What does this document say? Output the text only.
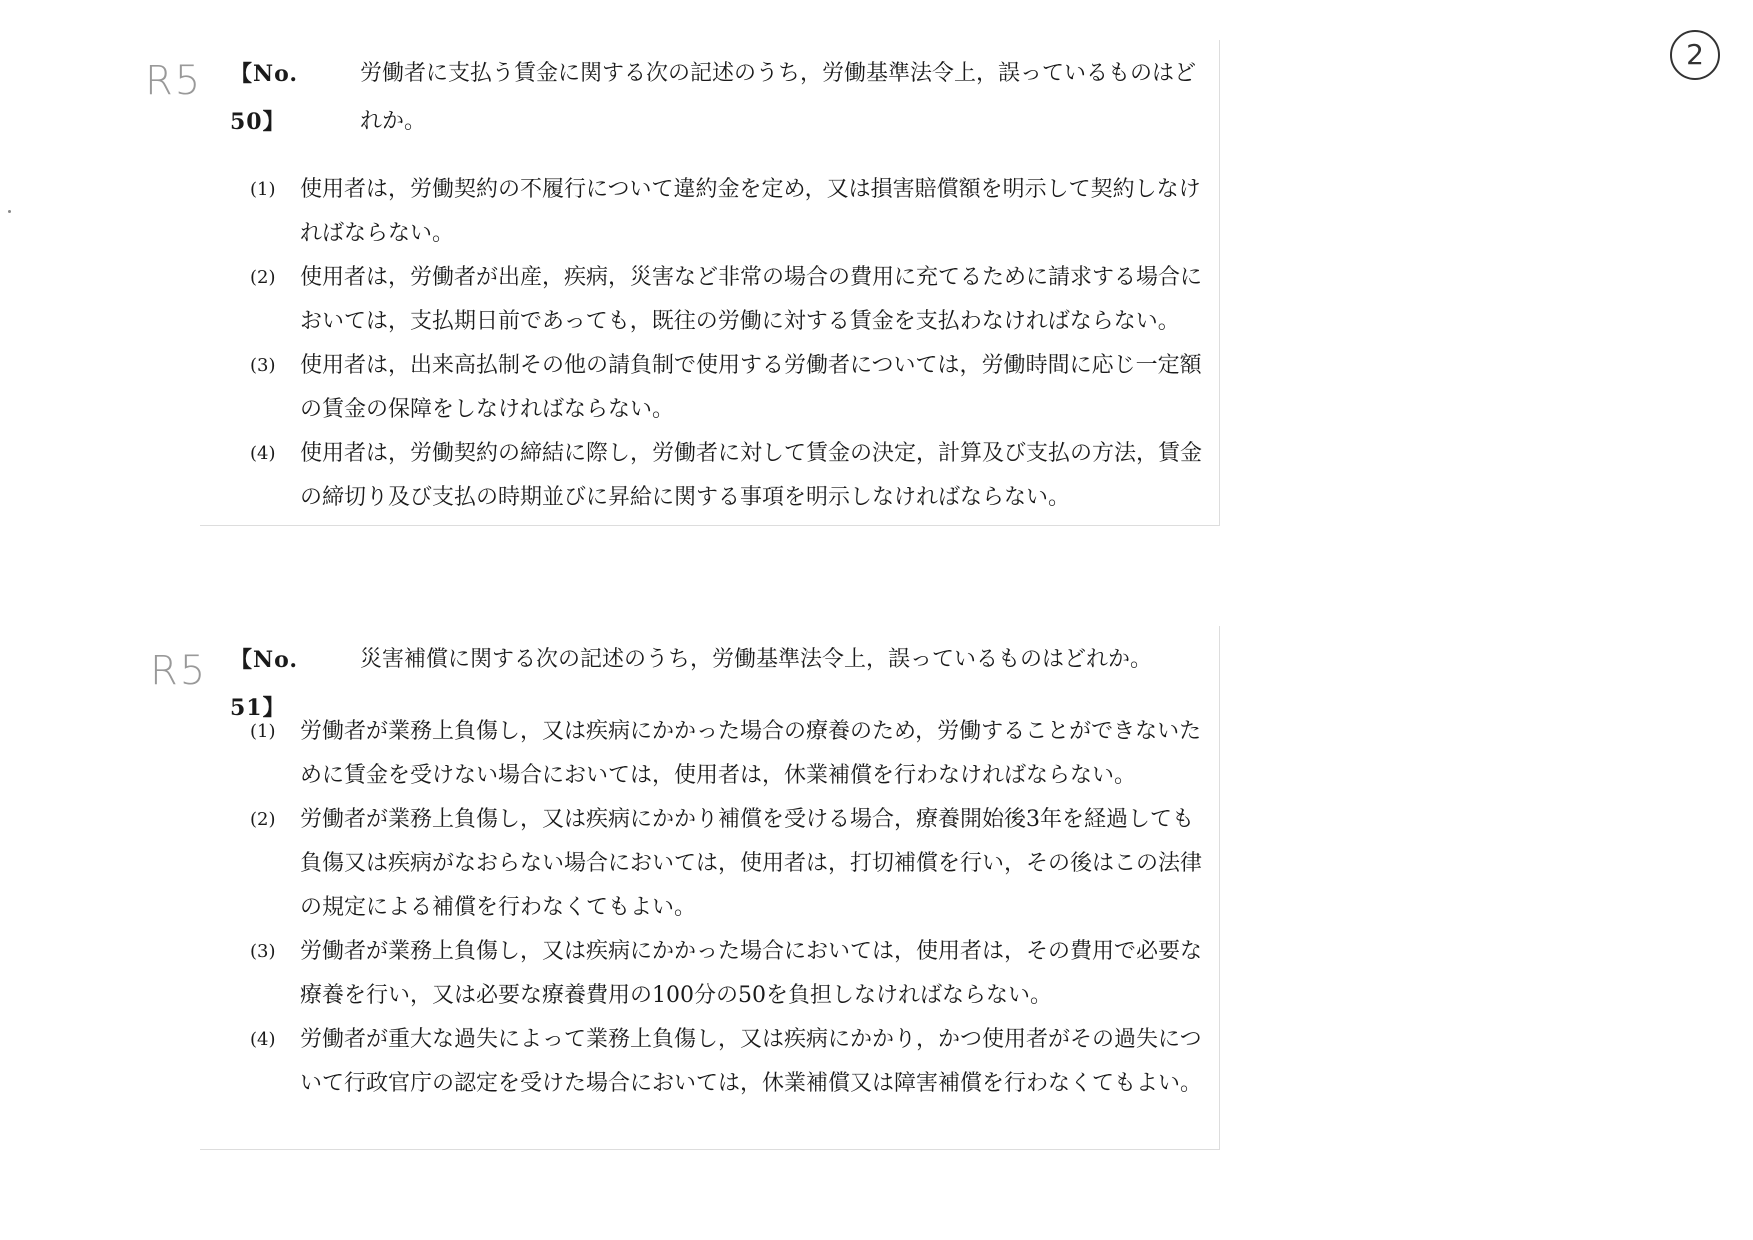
2
R5
R5
【No.　50】
労働者に支払う賃金に関する次の記述のうち，労働基準法令上，誤っているものはどれか。
(1)	使用者は，労働契約の不履行について違約金を定め，又は損害賠償額を明示して契約しなければならない。
(2)	使用者は，労働者が出産，疾病，災害など非常の場合の費用に充てるために請求する場合においては，支払期日前であっても，既往の労働に対する賃金を支払わなければならない。
(3)	使用者は，出来高払制その他の請負制で使用する労働者については，労働時間に応じ一定額の賃金の保障をしなければならない。
(4)	使用者は，労働契約の締結に際し，労働者に対して賃金の決定，計算及び支払の方法，賃金の締切り及び支払の時期並びに昇給に関する事項を明示しなければならない。
【No.　51】
災害補償に関する次の記述のうち，労働基準法令上，誤っているものはどれか。
(1)	労働者が業務上負傷し，又は疾病にかかった場合の療養のため，労働することができないために賃金を受けない場合においては，使用者は，休業補償を行わなければならない。
(2)	労働者が業務上負傷し，又は疾病にかかり補償を受ける場合，療養開始後3年を経過しても負傷又は疾病がなおらない場合においては，使用者は，打切補償を行い，その後はこの法律の規定による補償を行わなくてもよい。
(3)	労働者が業務上負傷し，又は疾病にかかった場合においては，使用者は，その費用で必要な療養を行い，又は必要な療養費用の100分の50を負担しなければならない。
(4)	労働者が重大な過失によって業務上負傷し，又は疾病にかかり，かつ使用者がその過失について行政官庁の認定を受けた場合においては，休業補償又は障害補償を行わなくてもよい。
